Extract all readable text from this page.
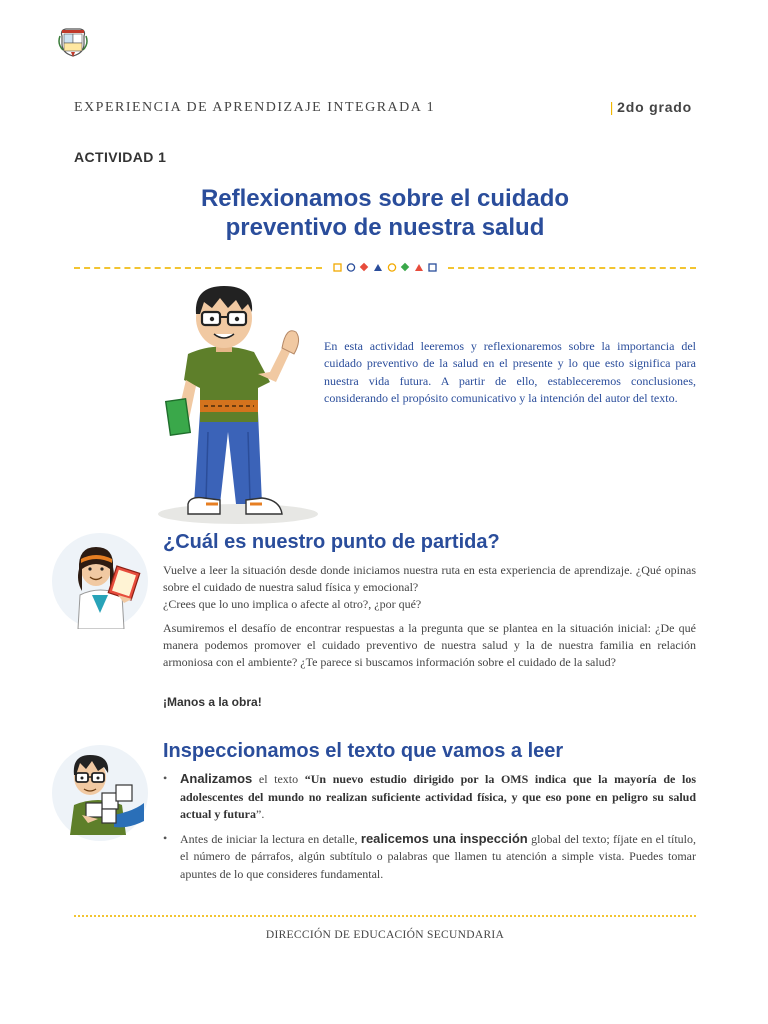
EXPERIENCIA DE APRENDIZAJE INTEGRADA 1	| 2do grado
ACTIVIDAD 1
Reflexionamos sobre el cuidado
preventivo de nuestra salud
En esta actividad leeremos y reflexionaremos sobre la importancia del cuidado preventivo de la salud en el presente y lo que esto significa para nuestra vida futura. A partir de ello, estableceremos conclusiones, considerando el propósito comunicativo y la intención del autor del texto.
¿Cuál es nuestro punto de partida?
Vuelve a leer la situación desde donde iniciamos nuestra ruta en esta experiencia de aprendizaje. ¿Qué opinas sobre el cuidado de nuestra salud física y emocional?
¿Crees que lo uno implica o afecte al otro?, ¿por qué?
Asumiremos el desafío de encontrar respuestas a la pregunta que se plantea en la situación inicial: ¿De qué manera podemos promover el cuidado preventivo de nuestra salud y la de nuestra familia en relación armoniosa con el ambiente? ¿Te parece si buscamos información sobre el cuidado de la salud?
¡Manos a la obra!
Inspeccionamos el texto que vamos a leer
• Analizamos el texto “Un nuevo estudio dirigido por la OMS indica que la mayoría de los adolescentes del mundo no realizan suficiente actividad física, y que eso pone en peligro su salud actual y futura”.
• Antes de iniciar la lectura en detalle, realicemos una inspección global del texto; fíjate en el título, el número de párrafos, algún subtítulo o palabras que llamen tu atención a simple vista. Puedes tomar apuntes de lo que consideres fundamental.
DIRECCIÓN DE EDUCACIÓN SECUNDARIA
